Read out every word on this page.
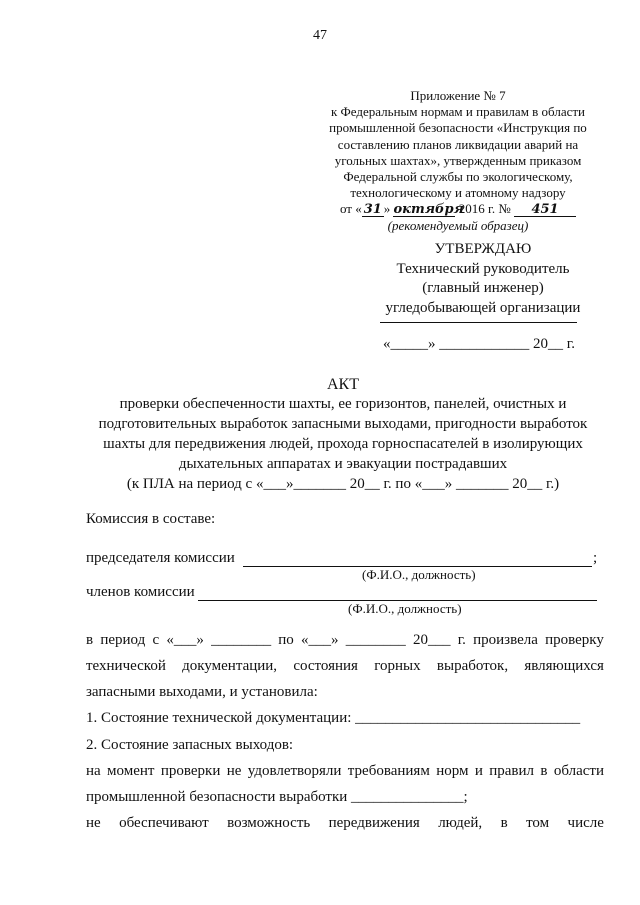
47
Приложение № 7
к Федеральным нормам и правилам в области
промышленной безопасности «Инструкция по
составлению планов ликвидации аварий на
угольных шахтах», утвержденным приказом
Федеральной службы по экологическому,
технологическому и атомному надзору
от « 31 » октября 2016 г. № 451
(рекомендуемый образец)
УТВЕРЖДАЮ
Технический руководитель
(главный инженер)
угледобывающей организации
«_____» ____________ 20__ г.
АКТ
проверки обеспеченности шахты, ее горизонтов, панелей, очистных и
подготовительных выработок запасными выходами, пригодности выработок
шахты для передвижения людей, прохода горноспасателей в изолирующих
дыхательных аппаратах и эвакуации пострадавших
(к ПЛА на период с «___»_______ 20__ г. по «___» _______ 20__ г.)
Комиссия в составе:
председателя комиссии	;
(Ф.И.О., должность)
членов комиссии
(Ф.И.О., должность)
в период с «___» ________ по «___» ________ 20___ г. произвела проверку
технической документации, состояния горных выработок, являющихся
запасными выходами, и установила:
1. Состояние технической документации: ______________________________
2. Состояние запасных выходов:
на момент проверки не удовлетворяли требованиям норм и правил в области
промышленной безопасности выработки _______________;
не обеспечивают возможность передвижения людей, в том числе
